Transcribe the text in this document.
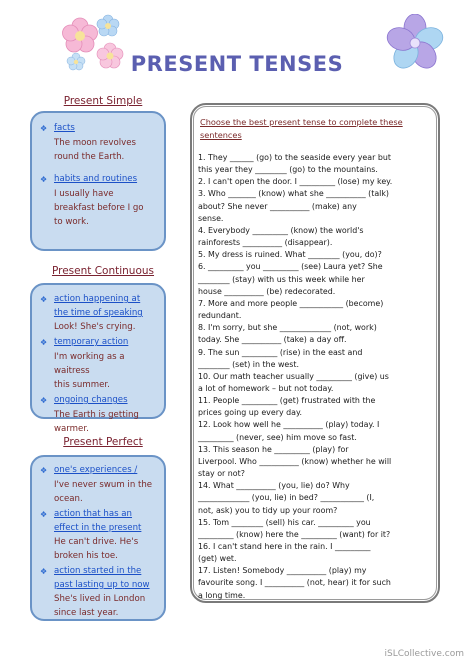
PRESENT TENSES
Present Simple
❖ facts
The moon revolves
round the Earth.
❖ habits and routines
I usually have
breakfast before I go
to work.
Present Continuous
❖ action happening at
the time of speaking
Look! She's crying.
❖ temporary action
I'm working as a waitress
this summer.
❖ ongoing changes
The Earth is getting
warmer.
Present Perfect
❖ one's experiences /
I've never swum in the
ocean.
❖ action that has an
effect in the present
He can't drive. He's
broken his toe.
❖ action started in the
past lasting up to now
She's lived in London
since last year.
Choose the best present tense to complete these
sentences
1. They ______ (go) to the seaside every year but
this year they ________ (go) to the mountains.
2. I can't open the door. I _________ (lose) my key.
3. Who _______ (know) what she __________ (talk)
about? She never __________ (make) any
sense.
4. Everybody _________ (know) the world's
rainforests __________ (disappear).
5. My dress is ruined. What ________ (you, do)?
6. _________ you _________ (see) Laura yet? She
________ (stay) with us this week while her
house __________ (be) redecorated.
7. More and more people ___________ (become)
redundant.
8. I'm sorry, but she _____________ (not, work)
today. She __________ (take) a day off.
9. The sun _________ (rise) in the east and
________ (set) in the west.
10. Our math teacher usually _________ (give) us
a lot of homework – but not today.
11. People _________ (get) frustrated with the
prices going up every day.
12. Look how well he __________ (play) today. I
_________ (never, see) him move so fast.
13. This season he _________ (play) for
Liverpool. Who __________ (know) whether he will
stay or not?
14. What __________ (you, lie) do? Why
_____________ (you, lie) in bed? ___________ (I,
not, ask) you to tidy up your room?
15. Tom ________ (sell) his car. _________ you
_________ (know) here the _________ (want) for it?
16. I can't stand here in the rain. I _________
(get) wet.
17. Listen! Somebody __________ (play) my
favourite song. I __________ (not, hear) it for such
a long time.
iSLCollective.com
